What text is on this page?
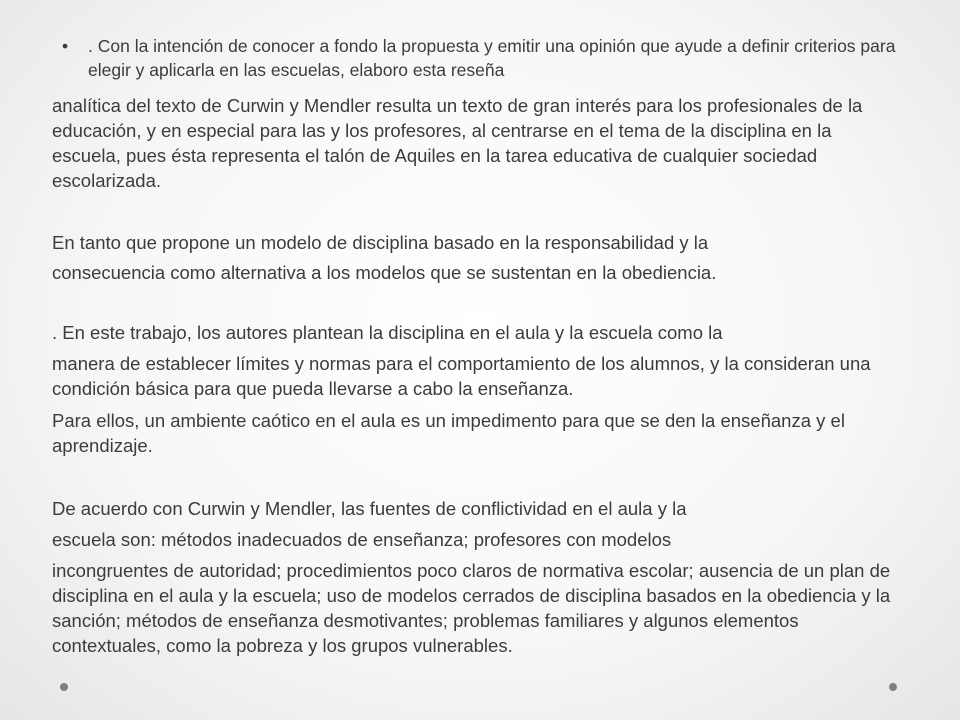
•	. Con la intención de conocer a fondo la propuesta y emitir una opinión que ayude a definir criterios para elegir y aplicarla en las escuelas, elaboro esta reseña

analítica del texto de Curwin y Mendler resulta un texto de gran interés para los profesionales de la educación, y en especial para las y los profesores, al centrarse en el tema de la disciplina en la escuela, pues ésta representa el talón de Aquiles en la tarea educativa de cualquier sociedad escolarizada.

En tanto que propone un modelo de disciplina basado en la responsabilidad y la

consecuencia como alternativa a los modelos que se sustentan en la obediencia.

. En este trabajo, los autores plantean la disciplina en el aula y la escuela como la

manera de establecer límites y normas para el comportamiento de los alumnos, y la consideran una condición básica para que pueda llevarse a cabo la enseñanza.

Para ellos, un ambiente caótico en el aula es un impedimento para que se den la enseñanza y el aprendizaje.

De acuerdo con Curwin y Mendler, las fuentes de conflictividad en el aula y la

escuela son: métodos inadecuados de enseñanza; profesores con modelos

incongruentes de autoridad; procedimientos poco claros de normativa escolar; ausencia de un plan de disciplina en el aula y la escuela; uso de modelos cerrados de disciplina basados en la obediencia y la sanción; métodos de enseñanza desmotivantes; problemas familiares y algunos elementos contextuales, como la pobreza y los grupos vulnerables.
